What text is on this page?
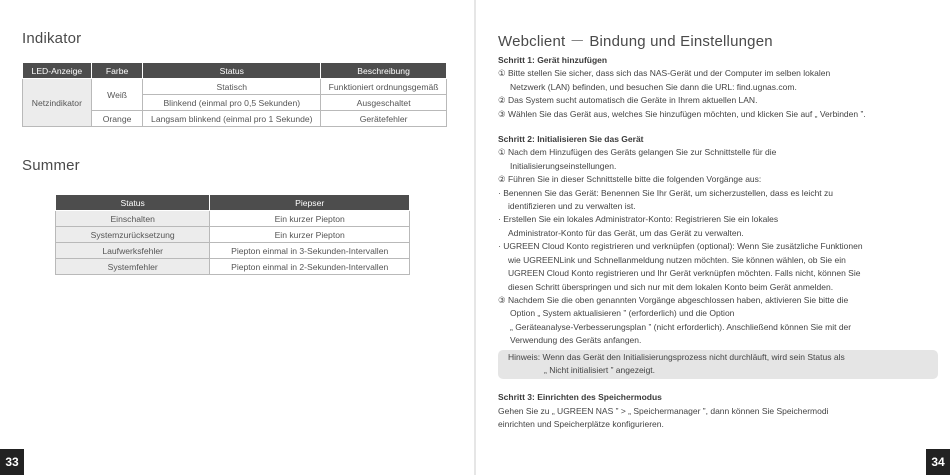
Indikator
LED-Anzeige	Farbe	Status	Beschreibung
Netzindikator	Weiß	Statisch	Funktioniert ordnungsgemäß
		Blinkend (einmal pro 0,5 Sekunden)	Ausgeschaltet
	Orange	Langsam blinkend (einmal pro 1 Sekunde)	Gerätefehler
Summer
Status	Piepser
Einschalten	Ein kurzer Piepton
Systemzurücksetzung	Ein kurzer Piepton
Laufwerksfehler	Piepton einmal in 3-Sekunden-Intervallen
Systemfehler	Piepton einmal in 2-Sekunden-Intervallen
33
Webclient － Bindung und Einstellungen

Schritt 1: Gerät hinzufügen

① Bitte stellen Sie sicher, dass sich das NAS-Gerät und der Computer im selben lokalen

Netzwerk (LAN) befinden, und besuchen Sie dann die URL: find.ugnas.com.

② Das System sucht automatisch die Geräte in Ihrem aktuellen LAN.

③ Wählen Sie das Gerät aus, welches Sie hinzufügen möchten, und klicken Sie auf „ Verbinden ”.

Schritt 2: Initialisieren Sie das Gerät

① Nach dem Hinzufügen des Geräts gelangen Sie zur Schnittstelle für die

Initialisierungseinstellungen.

② Führen Sie in dieser Schnittstelle bitte die folgenden Vorgänge aus:

· Benennen Sie das Gerät: Benennen Sie Ihr Gerät, um sicherzustellen, dass es leicht zu

identifizieren und zu verwalten ist.

· Erstellen Sie ein lokales Administrator-Konto: Registrieren Sie ein lokales

Administrator-Konto für das Gerät, um das Gerät zu verwalten.

· UGREEN Cloud Konto registrieren und verknüpfen (optional): Wenn Sie zusätzliche Funktionen

wie UGREENLink und Schnellanmeldung nutzen möchten. Sie können wählen, ob Sie ein

UGREEN Cloud Konto registrieren und Ihr Gerät verknüpfen möchten. Falls nicht, können Sie

diesen Schritt überspringen und sich nur mit dem lokalen Konto beim Gerät anmelden.

③ Nachdem Sie die oben genannten Vorgänge abgeschlossen haben, aktivieren Sie bitte die

Option „ System aktualisieren ” (erforderlich) und die Option

„ Geräteanalyse-Verbesserungsplan ” (nicht erforderlich). Anschließend können Sie mit der

Verwendung des Geräts anfangen.

Hinweis: Wenn das Gerät den Initialisierungsprozess nicht durchläuft, wird sein Status als

„ Nicht initialisiert ” angezeigt.

Schritt 3: Einrichten des Speichermodus

Gehen Sie zu „ UGREEN NAS ” > „ Speichermanager ”, dann können Sie Speichermodi

einrichten und Speicherplätze konfigurieren.

34
